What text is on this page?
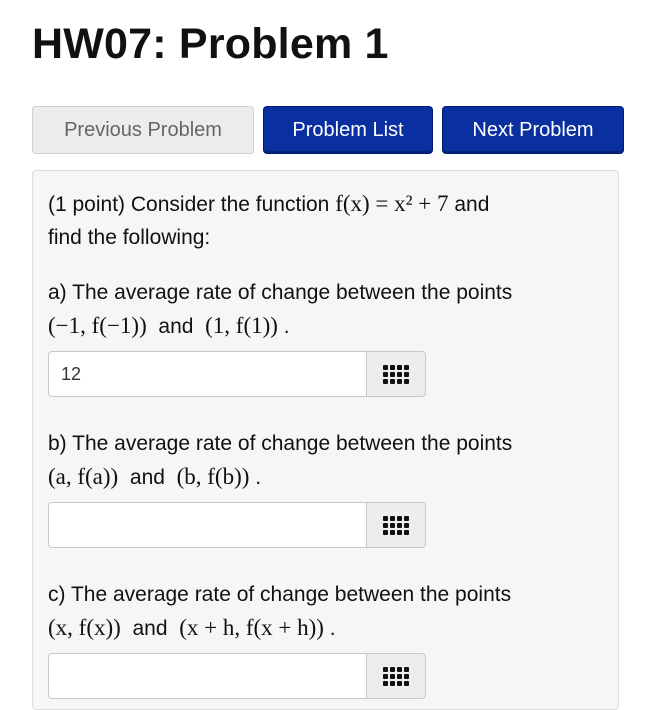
HW07: Problem 1
Previous Problem	Problem List	Next Problem

(1 point) Consider the function f(x) = x² + 7 and
find the following:

a) The average rate of change between the points
(−1, f(−1)) and (1, f(1)) .

12

b) The average rate of change between the points
(a, f(a)) and (b, f(b)) .

c) The average rate of change between the points
(x, f(x)) and (x + h, f(x + h)) .
